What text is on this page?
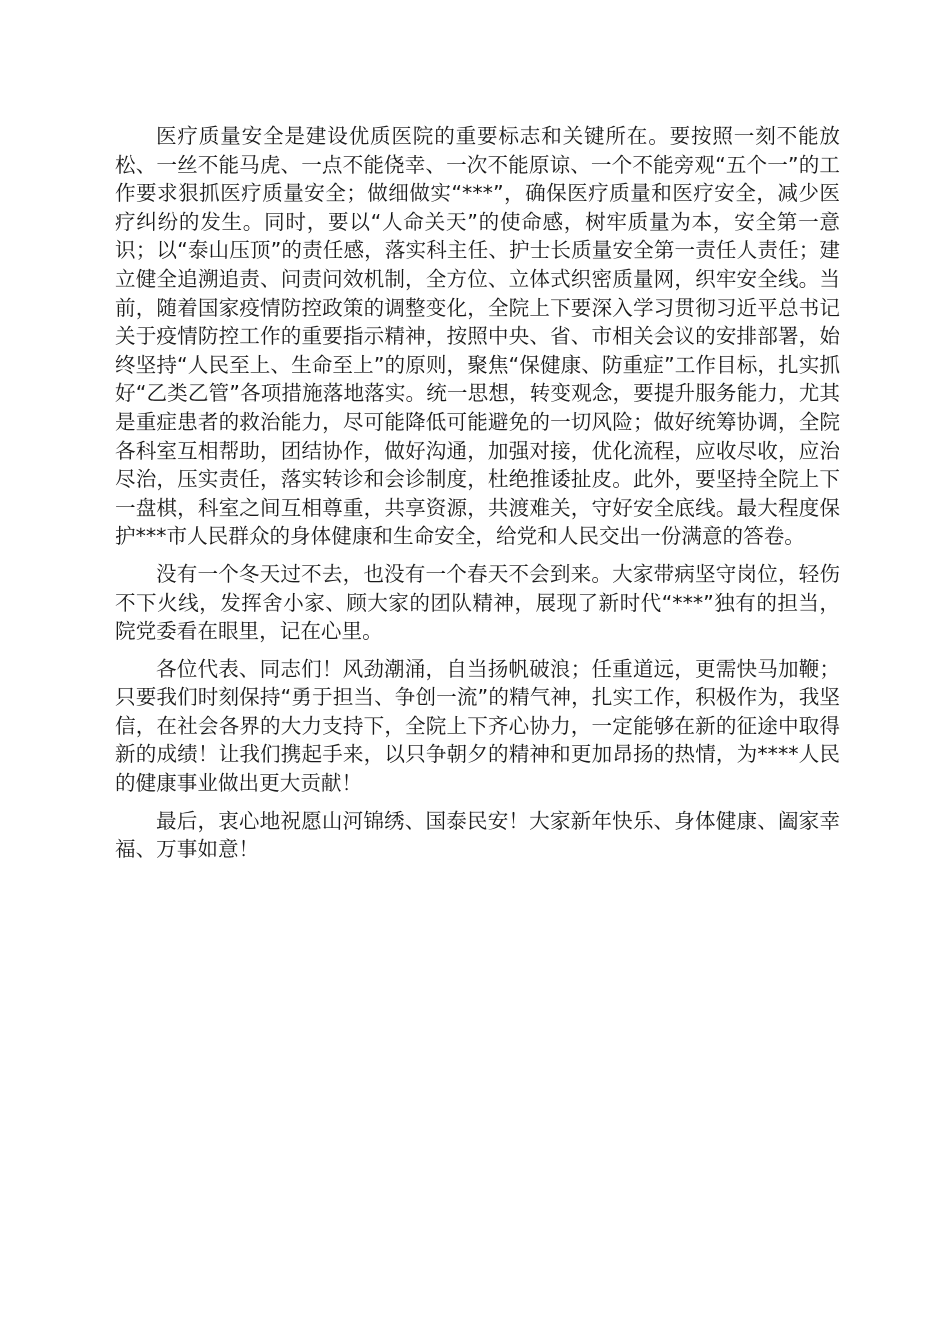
医疗质量安全是建设优质医院的重要标志和关键所在。要按照一刻不能放松、一丝不能马虎、一点不能侥幸、一次不能原谅、一个不能旁观“五个一”的工作要求狠抓医疗质量安全；做细做实“***”，确保医疗质量和医疗安全，减少医疗纠纷的发生。同时，要以“人命关天”的使命感，树牢质量为本，安全第一意识；以“泰山压顶”的责任感，落实科主任、护士长质量安全第一责任人责任；建立健全追溯追责、问责问效机制，全方位、立体式织密质量网，织牢安全线。当前，随着国家疫情防控政策的调整变化，全院上下要深入学习贯彻习近平总书记关于疫情防控工作的重要指示精神，按照中央、省、市相关会议的安排部署，始终坚持“人民至上、生命至上”的原则，聚焦“保健康、防重症”工作目标，扎实抓好“乙类乙管”各项措施落地落实。统一思想，转变观念，要提升服务能力，尤其是重症患者的救治能力，尽可能降低可能避免的一切风险；做好统筹协调，全院各科室互相帮助，团结协作，做好沟通，加强对接，优化流程，应收尽收，应治尽治，压实责任，落实转诊和会诊制度，杜绝推诿扯皮。此外，要坚持全院上下一盘棋，科室之间互相尊重，共享资源，共渡难关，守好安全底线。最大程度保护***市人民群众的身体健康和生命安全，给党和人民交出一份满意的答卷。

没有一个冬天过不去，也没有一个春天不会到来。大家带病坚守岗位，轻伤不下火线，发挥舍小家、顾大家的团队精神，展现了新时代“***”独有的担当，院党委看在眼里，记在心里。

各位代表、同志们！风劲潮涌，自当扬帆破浪；任重道远，更需快马加鞭；只要我们时刻保持“勇于担当、争创一流”的精气神，扎实工作，积极作为，我坚信，在社会各界的大力支持下，全院上下齐心协力，一定能够在新的征途中取得新的成绩！让我们携起手来，以只争朝夕的精神和更加昂扬的热情，为****人民的健康事业做出更大贡献！

最后，衷心地祝愿山河锦绣、国泰民安！大家新年快乐、身体健康、阖家幸福、万事如意！
